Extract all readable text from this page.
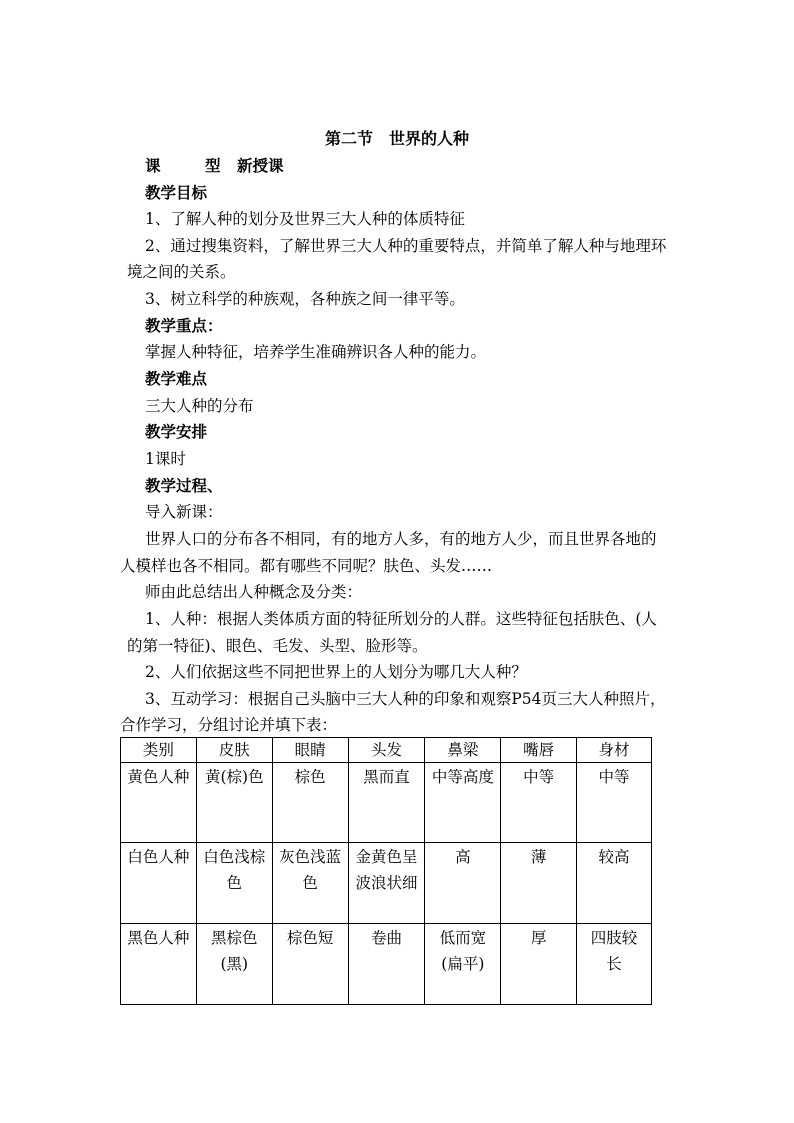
第二节　世界的人种
课	型 新授课
教学目标
1、了解人种的划分及世界三大人种的体质特征
2、通过搜集资料，了解世界三大人种的重要特点，并简单了解人种与地理环
境之间的关系。
3、树立科学的种族观，各种族之间一律平等。
教学重点：
掌握人种特征，培养学生准确辨识各人种的能力。
教学难点
三大人种的分布
教学安排
1课时
教学过程、
导入新课：
世界人口的分布各不相同，有的地方人多，有的地方人少，而且世界各地的
人模样也各不相同。都有哪些不同呢？肤色、头发……
师由此总结出人种概念及分类：
1、人种：根据人类体质方面的特征所划分的人群。这些特征包括肤色、(人
的第一特征)、眼色、毛发、头型、脸形等。
2、人们依据这些不同把世界上的人划分为哪几大人种？
3、互动学习：根据自己头脑中三大人种的印象和观察P54页三大人种照片，
合作学习，分组讨论并填下表：
类别	皮肤	眼睛	头发	鼻梁	嘴唇	身材
黄色人种	黄(棕)色	棕色	黑而直	中等高度	中等	中等
白色人种	白色浅棕色	灰色浅蓝色	金黄色呈波浪状细	高	薄	较高
黑色人种	黑棕色(黑)	棕色短	卷曲	低而宽(扁平)	厚	四肢较长
